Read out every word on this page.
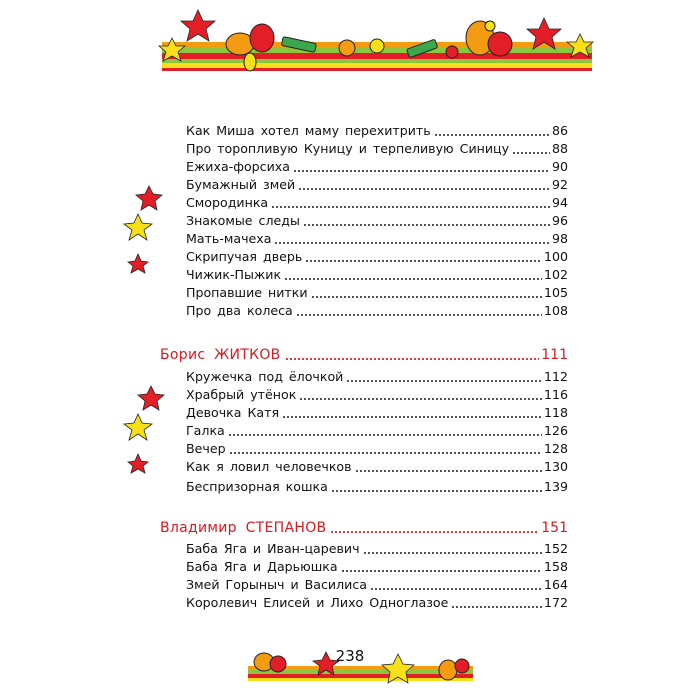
Как Миша хотел маму перехитрить	86
Про торопливую Куницу и терпеливую Синицу	88
Ежиха-форсиха	90
Бумажный змей	92
Смородинка	94
Знакомые следы	96
Мать-мачеха	98
Скрипучая дверь	100
Чижик-Пыжик	102
Пропавшие нитки	105
Про два колеса	108
Борис ЖИТКОВ	111
Кружечка под ёлочкой	112
Храбрый утёнок	116
Девочка Катя	118
Галка	126
Вечер	128
Как я ловил человечков	130
Беспризорная кошка	139
Владимир СТЕПАНОВ	151
Баба Яга и Иван-царевич	152
Баба Яга и Дарьюшка	158
Змей Горыныч и Василиса	164
Королевич Елисей и Лихо Одноглазое	172
238
